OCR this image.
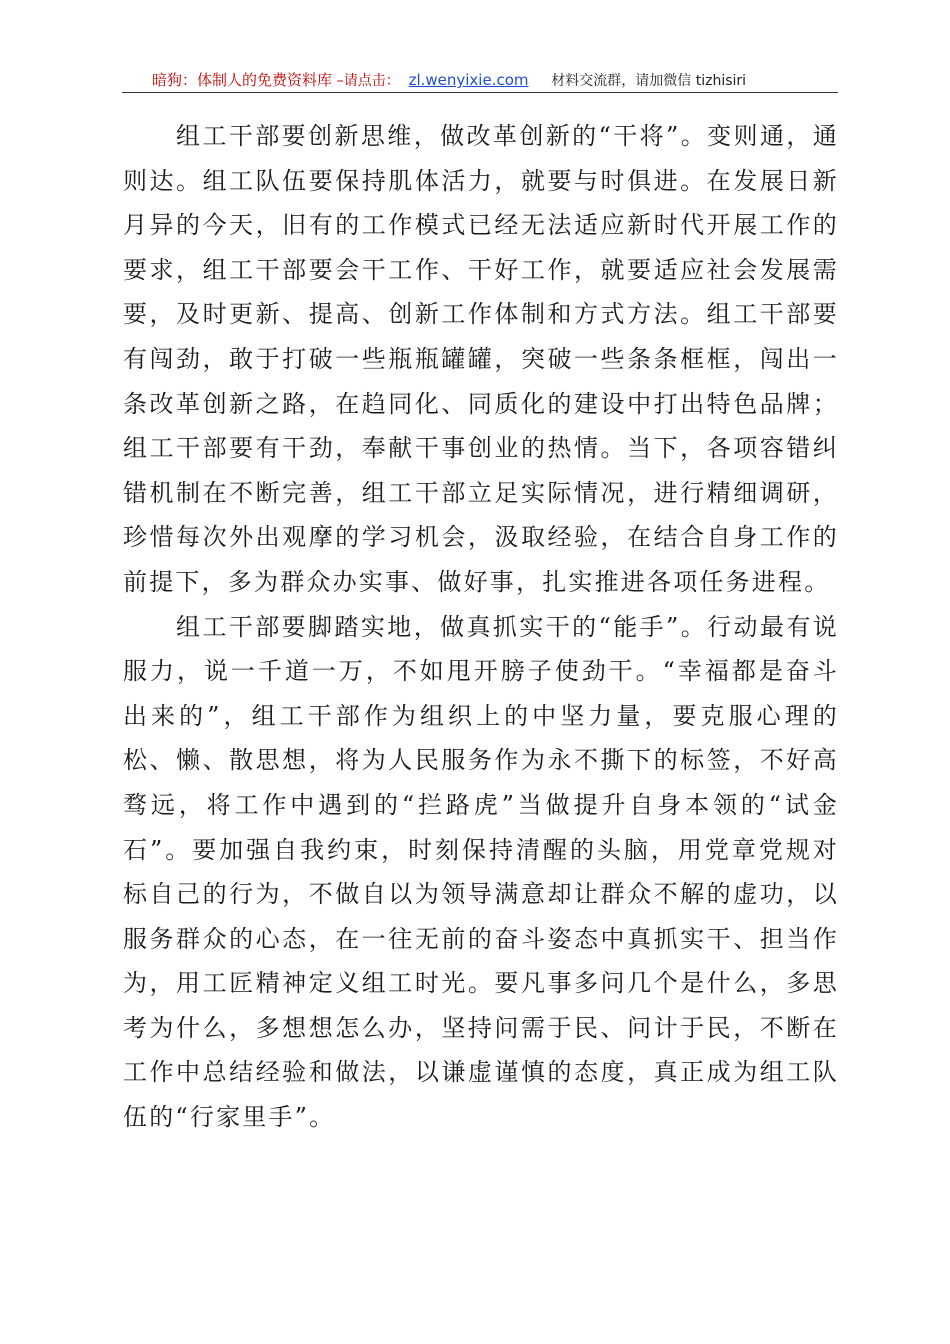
暗狗：体制人的免费资料库 –请点击： zl.wenyixie.com 材料交流群，请加微信 tizhisiri

组工干部要创新思维，做改革创新的“干将”。变则通，通则达。组工队伍要保持肌体活力，就要与时俱进。在发展日新月异的今天，旧有的工作模式已经无法适应新时代开展工作的要求，组工干部要会干工作、干好工作，就要适应社会发展需要，及时更新、提高、创新工作体制和方式方法。组工干部要有闯劲，敢于打破一些瓶瓶罐罐，突破一些条条框框，闯出一条改革创新之路，在趋同化、同质化的建设中打出特色品牌；组工干部要有干劲，奉献干事创业的热情。当下，各项容错纠错机制在不断完善，组工干部立足实际情况，进行精细调研，珍惜每次外出观摩的学习机会，汲取经验，在结合自身工作的前提下，多为群众办实事、做好事，扎实推进各项任务进程。

组工干部要脚踏实地，做真抓实干的“能手”。行动最有说服力，说一千道一万，不如甩开膀子使劲干。“幸福都是奋斗出来的”，组工干部作为组织上的中坚力量，要克服心理的松、懒、散思想，将为人民服务作为永不撕下的标签，不好高骛远，将工作中遇到的“拦路虎”当做提升自身本领的“试金石”。要加强自我约束，时刻保持清醒的头脑，用党章党规对标自己的行为，不做自以为领导满意却让群众不解的虚功，以服务群众的心态，在一往无前的奋斗姿态中真抓实干、担当作为，用工匠精神定义组工时光。要凡事多问几个是什么，多思考为什么，多想想怎么办，坚持问需于民、问计于民，不断在工作中总结经验和做法，以谦虚谨慎的态度，真正成为组工队伍的“行家里手”。
